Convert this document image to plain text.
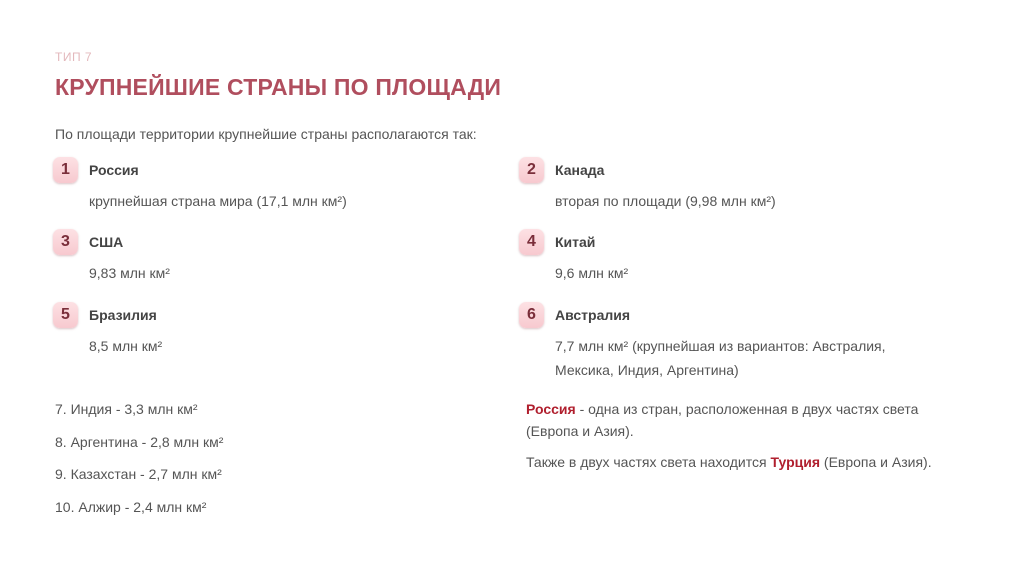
ТИП 7
КРУПНЕЙШИЕ СТРАНЫ ПО ПЛОЩАДИ
По площади территории крупнейшие страны располагаются так:
1	Россия
крупнейшая страна мира (17,1 млн км²)
3	США
9,83 млн км²
5	Бразилия
8,5 млн км²
2	Канада
вторая по площади (9,98 млн км²)
4	Китай
9,6 млн км²
6	Австралия
7,7 млн км² (крупнейшая из вариантов: Австралия, Мексика, Индия, Аргентина)
7. Индия - 3,3 млн км²
8. Аргентина - 2,8 млн км²
9. Казахстан - 2,7 млн км²
10. Алжир - 2,4 млн км²

Россия - одна из стран, расположенная в двух частях света (Европа и Азия).

Также в двух частях света находится Турция (Европа и Азия).
